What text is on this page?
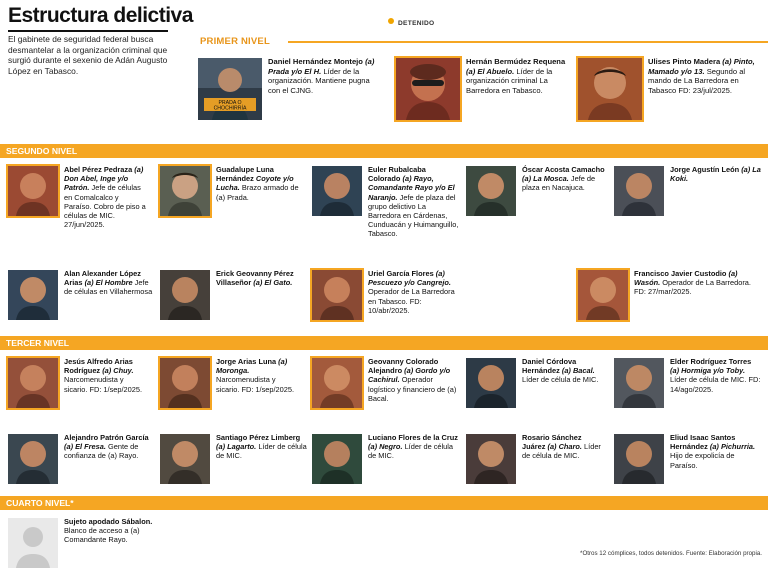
Estructura delictiva
El gabinete de seguridad federal busca desmantelar a la organización criminal que surgió durante el sexenio de Adán Augusto López en Tabasco.
DETENIDO
PRIMER NIVEL
PRADA O
CHOCHIRRÍA
Daniel Hernández Montejo (a) Prada y/o El H. Líder de la organización. Mantiene pugna con el CJNG.
Hernán Bermúdez Requena (a) El Abuelo. Líder de la organización criminal La Barredora en Tabasco.
Ulises Pinto Madera (a) Pinto, Mamado y/o 13. Segundo al mando de La Barredora en Tabasco FD: 23/jul/2025.
SEGUNDO NIVEL
Abel Pérez Pedraza (a) Don Abel, Inge y/o Patrón. Jefe de células en Comalcalco y Paraíso. Cobro de piso a células de MIC. 27/jun/2025.
Guadalupe Luna Hernández Coyote y/o Lucha. Brazo armado de (a) Prada.
Euler Rubalcaba Colorado (a) Rayo, Comandante Rayo y/o El Naranjo. Jefe de plaza del grupo delictivo La Barredora en Cárdenas, Cunduacán y Huimanguillo, Tabasco.
Óscar Acosta Camacho (a) La Mosca. Jefe de plaza en Nacajuca.
Jorge Agustín León (a) La Koki.
Alan Alexander López Arias (a) El Hombre Jefe de células en Villahermosa
Erick Geovanny Pérez Villaseñor (a) El Gato.
Uriel García Flores (a) Pescuezo y/o Cangrejo. Operador de La Barredora en Tabasco. FD: 10/abr/2025.
Francisco Javier Custodio (a) Wasón. Operador de La Barredora. FD: 27/mar/2025.
TERCER NIVEL
Jesús Alfredo Arias Rodríguez (a) Chuy. Narcomenudista y sicario. FD: 1/sep/2025.
Jorge Arias Luna (a) Moronga. Narcomenudista y sicario. FD: 1/sep/2025.
Geovanny Colorado Alejandro (a) Gordo y/o Cachirul. Operador logístico y financiero de (a) Bacal.
Daniel Córdova Hernández (a) Bacal. Líder de célula de MIC.
Elder Rodríguez Torres (a) Hormiga y/o Toby. Líder de célula de MIC. FD: 14/ago/2025.
Alejandro Patrón García (a) El Fresa. Gente de confianza de (a) Rayo.
Santiago Pérez Limberg (a) Lagarto. Líder de célula de MIC.
Luciano Flores de la Cruz (a) Negro. Líder de célula de MIC.
Rosario Sánchez Juárez (a) Charo. Líder de célula de MIC.
Eliud Isaac Santos Hernández (a) Pichurria. Hijo de expolicía de Paraíso.
CUARTO NIVEL*
Sujeto apodado Sábalon. Blanco de acceso a (a) Comandante Rayo.
*Otros 12 cómplices, todos detenidos. Fuente: Elaboración propia.
